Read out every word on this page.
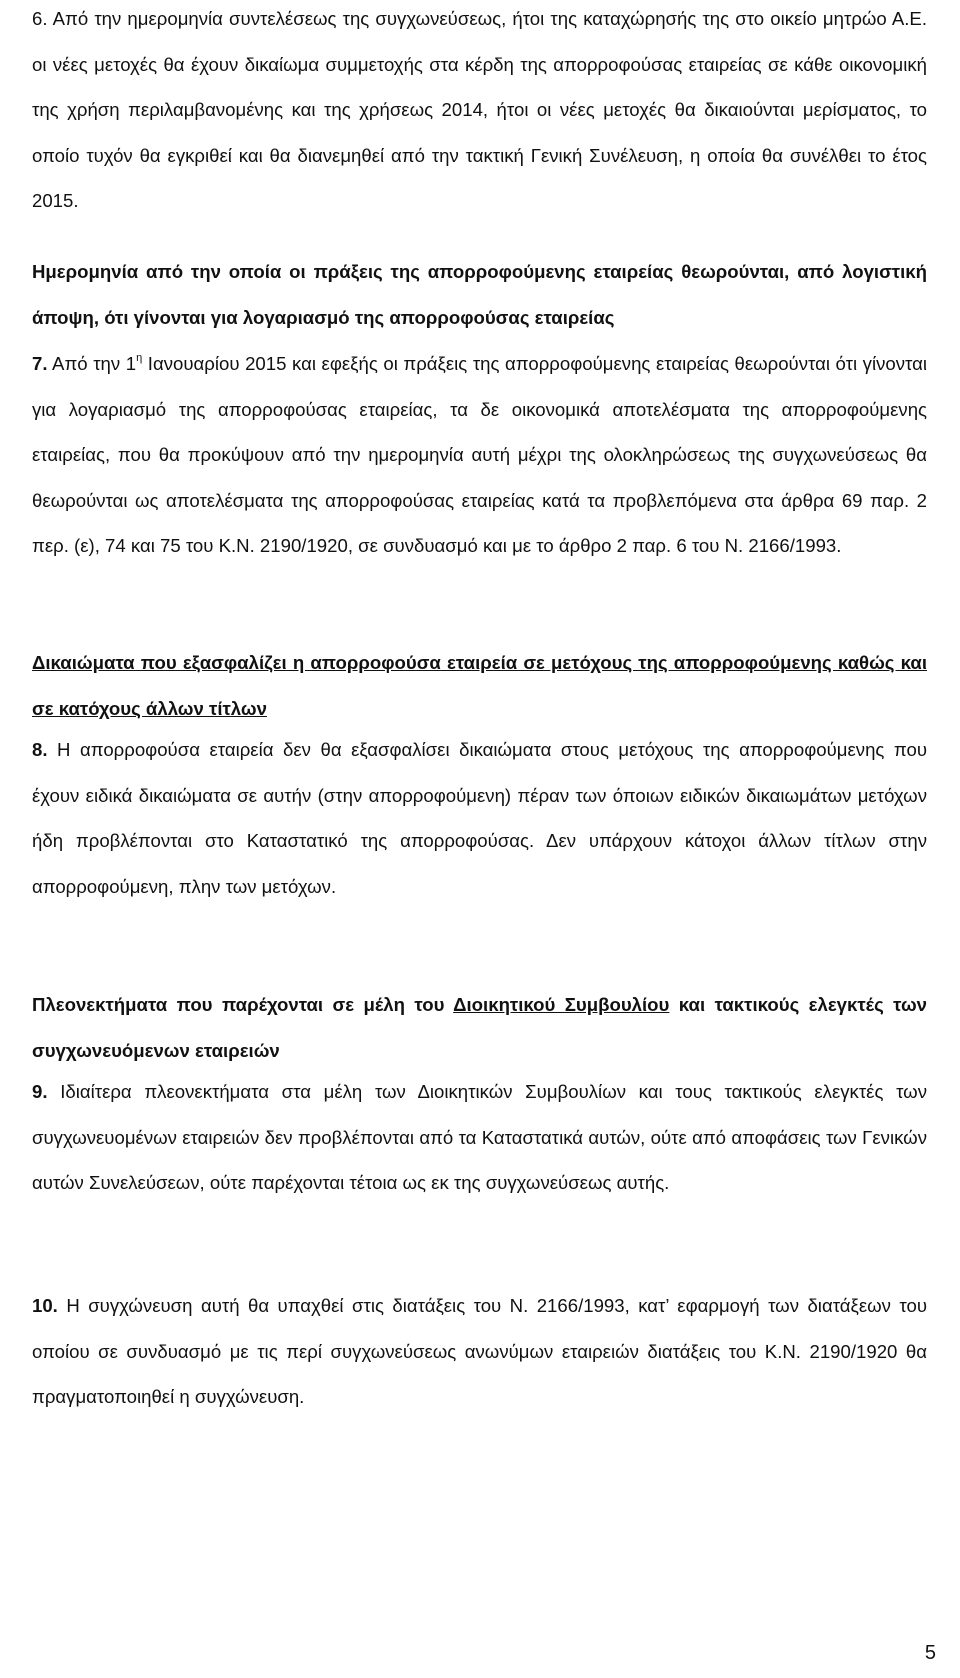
6. Από την ημερομηνία συντελέσεως της συγχωνεύσεως, ήτοι της καταχώρησής της στο οικείο μητρώο Α.Ε. οι νέες μετοχές θα έχουν δικαίωμα συμμετοχής στα κέρδη της απορροφούσας εταιρείας σε κάθε οικονομική της χρήση περιλαμβανομένης και της χρήσεως 2014, ήτοι οι νέες μετοχές θα δικαιούνται μερίσματος, το οποίο τυχόν θα εγκριθεί και θα διανεμηθεί από την τακτική Γενική Συνέλευση, η οποία θα συνέλθει το έτος 2015.

Ημερομηνία από την οποία οι πράξεις της απορροφούμενης εταιρείας θεωρούνται, από λογιστική άποψη, ότι γίνονται για λογαριασμό της απορροφούσας εταιρείας

7. Από την $1^\eta$ Ιανουαρίου 2015 και εφεξής οι πράξεις της απορροφούμενης εταιρείας θεωρούνται ότι γίνονται για λογαριασμό της απορροφούσας εταιρείας, τα δε οικονομικά αποτελέσματα της απορροφούμενης εταιρείας, που θα προκύψουν από την ημερομηνία αυτή μέχρι της ολοκληρώσεως της συγχωνεύσεως θα θεωρούνται ως αποτελέσματα της απορροφούσας εταιρείας κατά τα προβλεπόμενα στα άρθρα 69 παρ. 2 περ. (ε), 74 και 75 του Κ.Ν. 2190/1920, σε συνδυασμό και με το άρθρο 2 παρ. 6 του Ν. 2166/1993.

Δικαιώματα που εξασφαλίζει η απορροφούσα εταιρεία σε μετόχους της απορροφούμενης καθώς και σε κατόχους άλλων τίτλων

8. Η απορροφούσα εταιρεία δεν θα εξασφαλίσει δικαιώματα στους μετόχους της απορροφούμενης που έχουν ειδικά δικαιώματα σε αυτήν (στην απορροφούμενη) πέραν των όποιων ειδικών δικαιωμάτων μετόχων ήδη προβλέπονται στο Καταστατικό της απορροφούσας. Δεν υπάρχουν κάτοχοι άλλων τίτλων στην απορροφούμενη, πλην των μετόχων.

Πλεονεκτήματα που παρέχονται σε μέλη του Διοικητικού Συμβουλίου και τακτικούς ελεγκτές των συγχωνευόμενων εταιρειών

9. Ιδιαίτερα πλεονεκτήματα στα μέλη των Διοικητικών Συμβουλίων και τους τακτικούς ελεγκτές των συγχωνευομένων εταιρειών δεν προβλέπονται από τα Καταστατικά αυτών, ούτε από αποφάσεις των Γενικών αυτών Συνελεύσεων, ούτε παρέχονται τέτοια ως εκ της συγχωνεύσεως αυτής.

10. Η συγχώνευση αυτή θα υπαχθεί στις διατάξεις του Ν. 2166/1993, κατ’ εφαρμογή των διατάξεων του οποίου σε συνδυασμό με τις περί συγχωνεύσεως ανωνύμων εταιρειών διατάξεις του Κ.Ν. 2190/1920 θα πραγματοποιηθεί η συγχώνευση.

5
